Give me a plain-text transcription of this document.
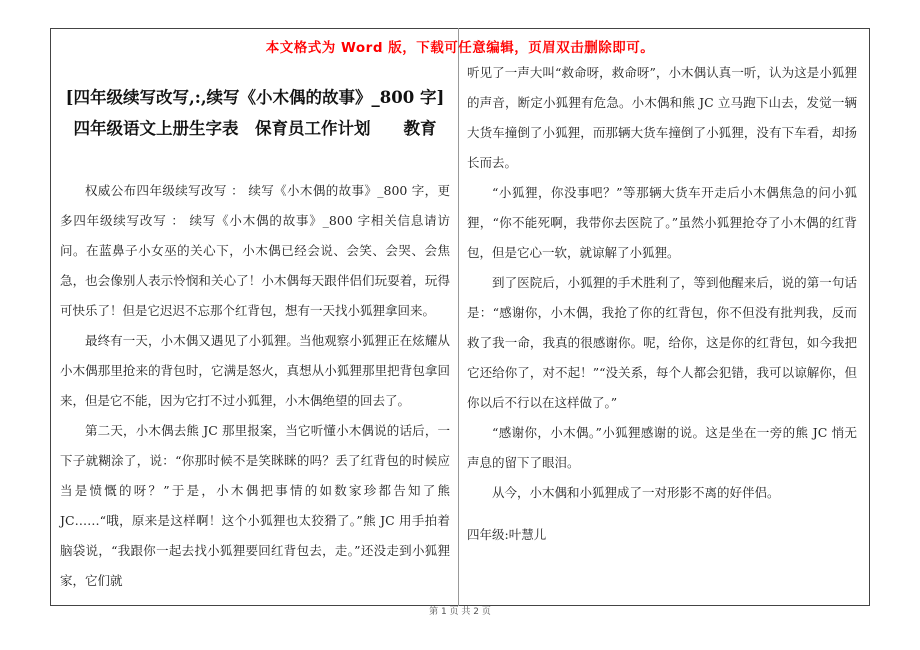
本文格式为 Word 版，下载可任意编辑，页眉双击删除即可。
[四年级续写改写,:,续写《小木偶的故事》_800 字]
四年级语文上册生字表　保育员工作计划　　教育

权威公布四年级续写改写 ： 续写《小木偶的故事》_800 字，更多四年级续写改写 ： 续写《小木偶的故事》_800 字相关信息请访问。在蓝鼻子小女巫的关心下，小木偶已经会说、会笑、会哭、会焦急，也会像别人表示怜悯和关心了！小木偶每天跟伴侣们玩耍着，玩得可快乐了！但是它迟迟不忘那个红背包，想有一天找小狐狸拿回来。

最终有一天，小木偶又遇见了小狐狸。当他观察小狐狸正在炫耀从小木偶那里抢来的背包时，它满是怒火，真想从小狐狸那里把背包拿回来，但是它不能，因为它打不过小狐狸，小木偶绝望的回去了。

第二天，小木偶去熊 JC 那里报案，当它听懂小木偶说的话后，一下子就糊涂了，说：“你那时候不是笑眯眯的吗？丢了红背包的时候应当是愤慨的呀？”于是，小木偶把事情的如数家珍都告知了熊 JC……“哦，原来是这样啊！这个小狐狸也太狡猾了。”熊 JC 用手拍着脑袋说，“我跟你一起去找小狐狸要回红背包去，走。”还没走到小狐狸家，它们就

听见了一声大叫“救命呀，救命呀”，小木偶认真一听，认为这是小狐狸的声音，断定小狐狸有危急。小木偶和熊 JC 立马跑下山去，发觉一辆大货车撞倒了小狐狸，而那辆大货车撞倒了小狐狸，没有下车看，却扬长而去。

“小狐狸，你没事吧？”等那辆大货车开走后小木偶焦急的问小狐狸，“你不能死啊，我带你去医院了。”虽然小狐狸抢夺了小木偶的红背包，但是它心一软，就谅解了小狐狸。

到了医院后，小狐狸的手术胜利了，等到他醒来后，说的第一句话是：“感谢你，小木偶，我抢了你的红背包，你不但没有批判我，反而救了我一命，我真的很感谢你。呢，给你，这是你的红背包，如今我把它还给你了，对不起！”“没关系，每个人都会犯错，我可以谅解你，但你以后不行以在这样做了。”

“感谢你，小木偶。”小狐狸感谢的说。这是坐在一旁的熊 JC 悄无声息的留下了眼泪。

从今，小木偶和小狐狸成了一对形影不离的好伴侣。

四年级:叶慧儿

第 1 页 共 2 页
